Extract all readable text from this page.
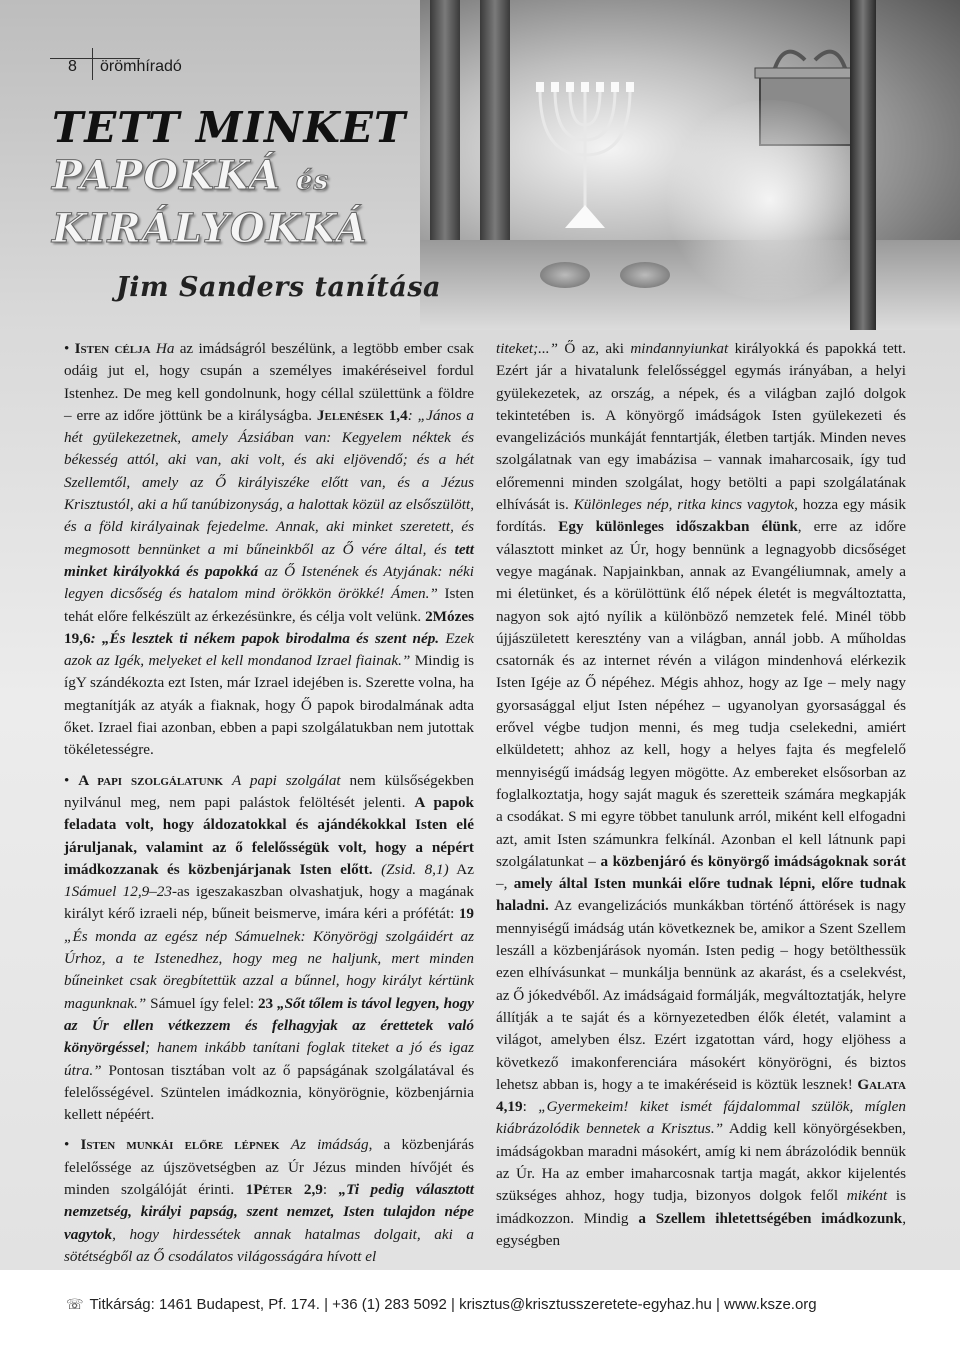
8 örömhíradó
TETT MINKET
PAPOKKÁ és
KIRÁLYOKKÁ
Jim Sanders tanítása

• Isten célja Ha az imádságról beszélünk, a legtöbb ember csak odáig jut el, hogy csupán a személyes imakéréseivel fordul Istenhez. De meg kell gondolnunk, hogy céllal születtünk a földre – erre az időre jöttünk be a királyságba. Jelenések 1,4: „János a hét gyülekezetnek, amely Ázsiában van: Kegyelem néktek és békesség attól, aki van, aki volt, és aki eljövendő; és a hét Szellemtől, amely az Ő királyiszéke előtt van, és a Jézus Krisztustól, aki a hű tanúbizonyság, a halottak közül az elsőszülött, és a föld királyainak fejedelme. Annak, aki minket szeretett, és megmosott bennünket a mi bűneinkből az Ő vére által, és tett minket királyokká és papokká az Ő Istenének és Atyjának: néki legyen dicsőség és hatalom mind örökkön örökké! Ámen.” Isten tehát előre felkészült az érkezésünkre, és célja volt velünk. 2Mózes 19,6: „És lesztek ti nékem papok birodalma és szent nép. Ezek azok az Igék, melyeket el kell mondanod Izrael fiainak.” Mindig is ígY szándékozta ezt Isten, már Izrael idejében is. Szerette volna, ha megtanítják az atyák a fiaknak, hogy Ő papok birodalmának adta őket. Izrael fiai azonban, ebben a papi szolgálatukban nem jutottak tökéletességre.

• A papi szolgálatunk A papi szolgálat nem külsőségekben nyilvánul meg, nem papi palástok felöltését jelenti. A papok feladata volt, hogy áldozatokkal és ajándékokkal Isten elé járuljanak, valamint az ő felelősségük volt, hogy a népért imádkozzanak és közbenjárjanak Isten előtt. (Zsid. 8,1) Az 1Sámuel 12,9–23-as igeszakaszban olvashatjuk, hogy a magának királyt kérő izraeli nép, bűneit beismerve, imára kéri a prófétát: 19 „És monda az egész nép Sámuelnek: Könyörögj szolgáidért az Úrhoz, a te Istenedhez, hogy meg ne haljunk, mert minden bűneinket csak öregbítettük azzal a bűnnel, hogy királyt kértünk magunknak.” Sámuel így felel: 23 „Sőt tőlem is távol legyen, hogy az Úr ellen vétkezzem és felhagyjak az érettetek való könyörgéssel; hanem inkább tanítani foglak titeket a jó és igaz útra.” Pontosan tisztában volt az ő papságának szolgálatával és felelősségével. Szüntelen imádkoznia, könyörögnie, közbenjárnia kellett népéért.

• Isten munkái előre lépnek Az imádság, a közbenjárás felelőssége az újszövetségben az Úr Jézus minden hívőjét és minden szolgálóját érinti. 1Péter 2,9: „Ti pedig választott nemzetség, királyi papság, szent nemzet, Isten tulajdon népe vagytok, hogy hirdessétek annak hatalmas dolgait, aki a sötétségből az Ő csodálatos világosságára hívott el

titeket;...” Ő az, aki mindannyiunkat királyokká és papokká tett. Ezért jár a hivatalunk felelősséggel egymás irányában, a helyi gyülekezetek, az ország, a népek, és a világban zajló dolgok tekintetében is. A könyörgő imádságok Isten gyülekezeti és evangelizációs munkáját fenntartják, életben tartják. Minden neves szolgálatnak van egy imabázisa – vannak imaharcosaik, így tud előremenni minden szolgálat, hogy betölti a papi szolgálatának elhívását is. Különleges nép, ritka kincs vagytok, hozza egy másik fordítás. Egy különleges időszakban élünk, erre az időre választott minket az Úr, hogy bennünk a legnagyobb dicsőséget vegye magának. Napjainkban, annak az Evangéliumnak, amely a mi életünket, és a körülöttünk élő népek életét is megváltoztatta, nagyon sok ajtó nyílik a különböző nemzetek felé. Minél több újjászületett keresztény van a világban, annál jobb. A műholdas csatornák és az internet révén a világon mindenhová elérkezik Isten Igéje az Ő népéhez. Mégis ahhoz, hogy az Ige – mely nagy gyorsasággal eljut Isten népéhez – ugyanolyan gyorsasággal és erővel végbe tudjon menni, és meg tudja cselekedni, amiért elküldetett; ahhoz az kell, hogy a helyes fajta és megfelelő mennyiségű imádság legyen mögötte. Az embereket elsősorban az foglalkoztatja, hogy saját maguk és szeretteik számára megkapják a csodákat. S mi egyre többet tanulunk arról, miként kell elfogadni azt, amit Isten számunkra felkínál. Azonban el kell látnunk papi szolgálatunkat – a közbenjáró és könyörgő imádságoknak sorát –, amely által Isten munkái előre tudnak lépni, előre tudnak haladni. Az evangelizációs munkákban történő áttörések is nagy mennyiségű imádság után következnek be, amikor a Szent Szellem leszáll a közbenjárások nyomán. Isten pedig – hogy betölthessük ezen elhívásunkat – munkálja bennünk az akarást, és a cselekvést, az Ő jókedvéből. Az imádságaid formálják, megváltoztatják, helyre állítják a te saját és a környezetedben élők életét, valamint a világot, amelyben élsz. Ezért izgatottan várd, hogy eljöhess a következő imakonferenciára másokért könyörögni, és biztos lehetsz abban is, hogy a te imakéréseid is köztük lesznek! Galata 4,19: „Gyermekeim! kiket ismét fájdalommal szülök, míglen kiábrázolódik bennetek a Krisztus.” Addig kell könyörgésekben, imádságokban maradni másokért, amíg ki nem ábrázolódik bennük az Úr. Ha az ember imaharcosnak tartja magát, akkor kijelentés szükséges ahhoz, hogy tudja, bizonyos dolgok felől miként is imádkozzon. Mindig a Szellem ihletettségében imádkozunk, egységben

☏ Titkárság: 1461 Budapest, Pf. 174. | +36 (1) 283 5092 | krisztus@krisztusszeretete-egyhaz.hu | www.ksze.org
